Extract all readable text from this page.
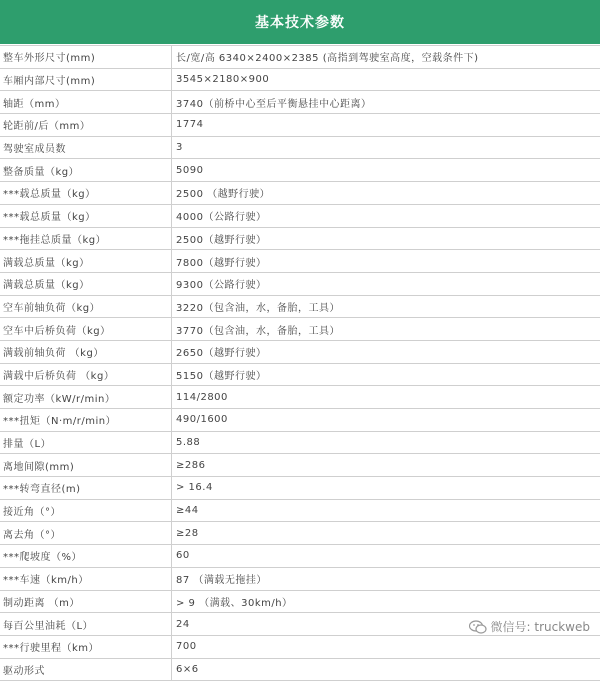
基本技术参数
整车外形尺寸(mm)	长/宽/高 6340×2400×2385 (高指到驾驶室高度，空载条件下)
车厢内部尺寸(mm)	3545×2180×900
轴距（mm）	3740（前桥中心至后平衡悬挂中心距离）
轮距前/后（mm）	1774
驾驶室成员数	3
整备质量（kg）	5090
***载总质量（kg）	2500 （越野行驶）
***载总质量（kg）	4000（公路行驶）
***拖挂总质量（kg）	2500（越野行驶）
满载总质量（kg）	7800（越野行驶）
满载总质量（kg）	9300（公路行驶）
空车前轴负荷（kg）	3220（包含油，水，备胎，工具）
空车中后桥负荷（kg）	3770（包含油，水，备胎，工具）
满载前轴负荷 （kg）	2650（越野行驶）
满载中后桥负荷 （kg）	5150（越野行驶）
额定功率（kW/r/min）	114/2800
***扭矩（N·m/r/min）	490/1600
排量（L）	5.88
离地间隙(mm)	≥286
***转弯直径(m)	> 16.4
接近角（°）	≥44
离去角（°）	≥28
***爬坡度（%）	60
***车速（km/h）	87 （满载无拖挂）
制动距离 （m）	> 9 （满载、30km/h）
每百公里油耗（L）	24
***行驶里程（km）	700
驱动形式	6×6
微信号: truckweb
